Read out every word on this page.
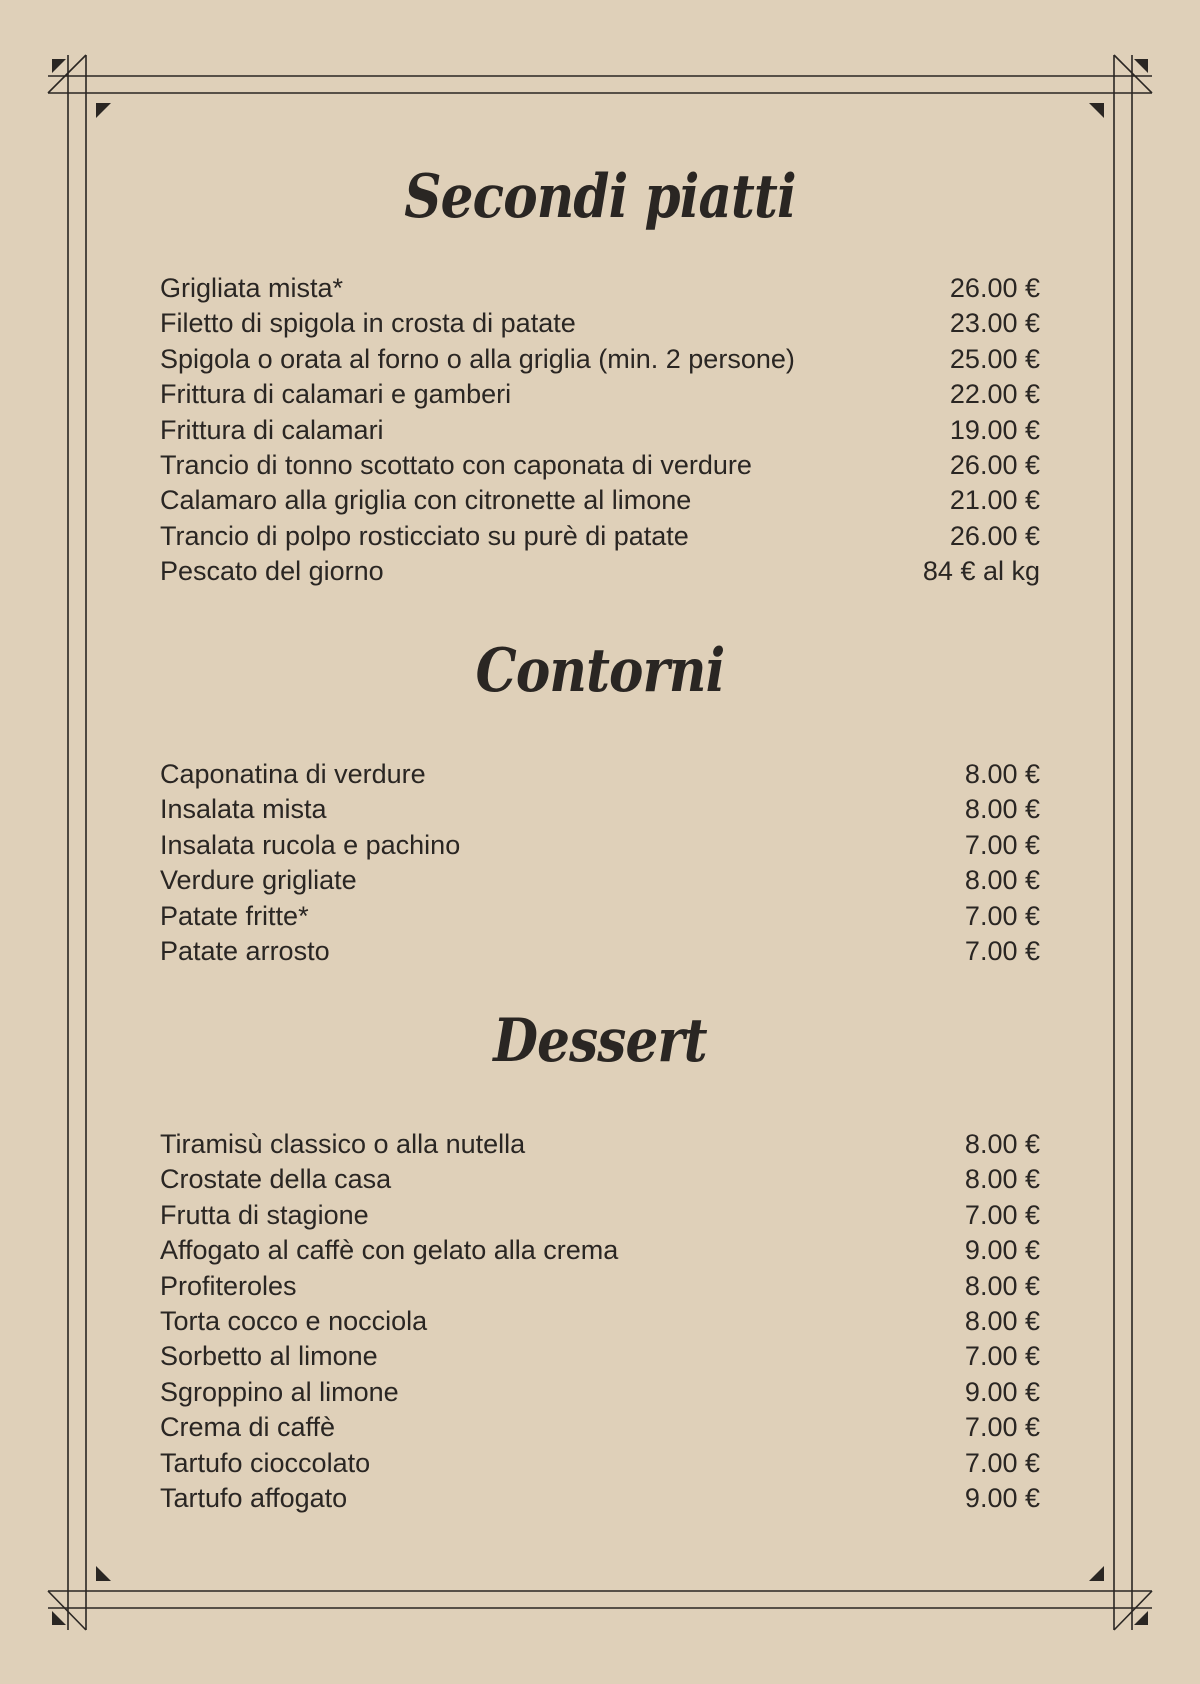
Secondi piatti
Grigliata mista*	26.00 €
Filetto di spigola in crosta di patate	23.00 €
Spigola o orata al forno o alla griglia (min. 2 persone)	25.00 €
Frittura di calamari e gamberi	22.00 €
Frittura di calamari	19.00 €
Trancio di tonno scottato con caponata di verdure	26.00 €
Calamaro alla griglia con citronette al limone	21.00 €
Trancio di polpo rosticciato su purè di patate	26.00 €
Pescato del giorno	84 € al kg
Contorni
Caponatina di verdure	8.00 €
Insalata mista	8.00 €
Insalata rucola e pachino	7.00 €
Verdure grigliate	8.00 €
Patate fritte*	7.00 €
Patate arrosto	7.00 €
Dessert
Tiramisù classico o alla nutella	8.00 €
Crostate della casa	8.00 €
Frutta di stagione	7.00 €
Affogato al caffè con gelato alla crema	9.00 €
Profiteroles	8.00 €
Torta cocco e nocciola	8.00 €
Sorbetto al limone	7.00 €
Sgroppino al limone	9.00 €
Crema di caffè	7.00 €
Tartufo cioccolato	7.00 €
Tartufo affogato	9.00 €
